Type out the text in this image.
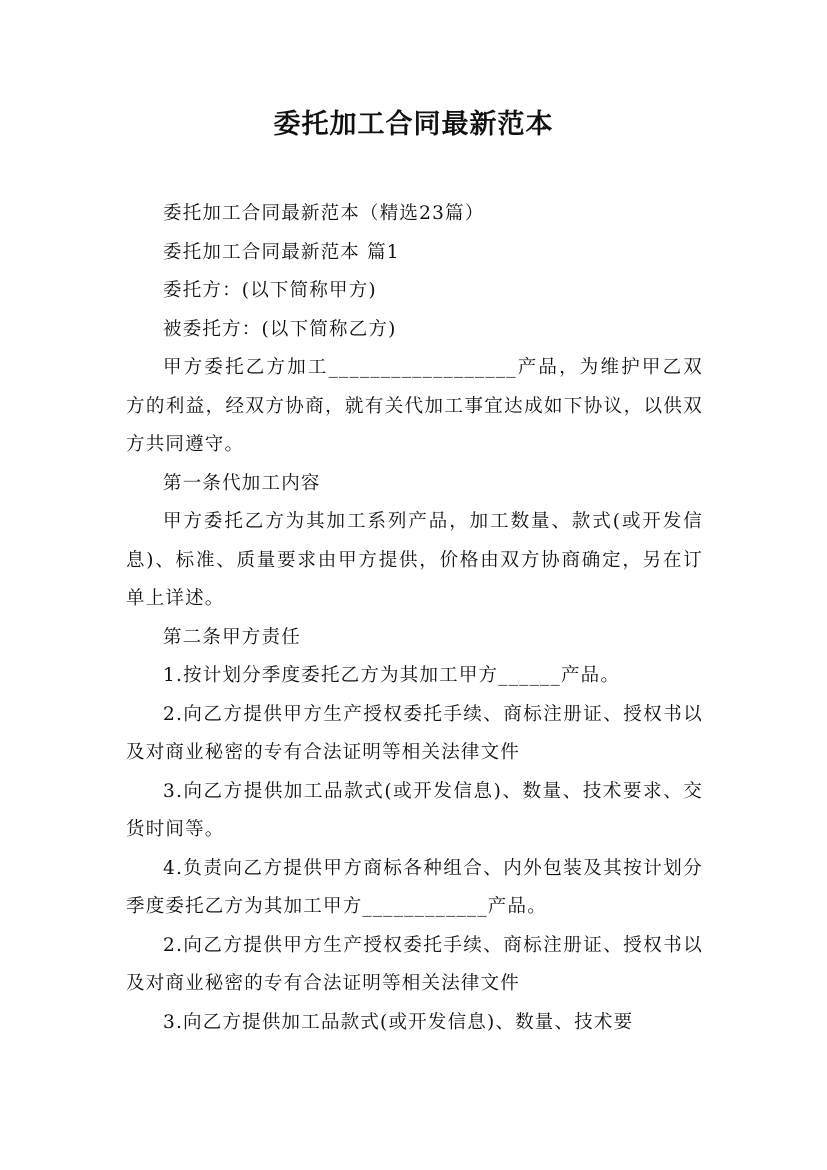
委托加工合同最新范本

委托加工合同最新范本（精选23篇）

委托加工合同最新范本 篇1

委托方：(以下简称甲方)

被委托方：(以下简称乙方)

甲方委托乙方加工__________________产品，为维护甲乙双方的利益，经双方协商，就有关代加工事宜达成如下协议，以供双方共同遵守。

第一条代加工内容

甲方委托乙方为其加工系列产品，加工数量、款式(或开发信息)、标准、质量要求由甲方提供，价格由双方协商确定，另在订单上详述。

第二条甲方责任

1.按计划分季度委托乙方为其加工甲方______产品。

2.向乙方提供甲方生产授权委托手续、商标注册证、授权书以及对商业秘密的专有合法证明等相关法律文件

3.向乙方提供加工品款式(或开发信息)、数量、技术要求、交货时间等。

4.负责向乙方提供甲方商标各种组合、内外包装及其按计划分季度委托乙方为其加工甲方____________产品。

2.向乙方提供甲方生产授权委托手续、商标注册证、授权书以及对商业秘密的专有合法证明等相关法律文件

3.向乙方提供加工品款式(或开发信息)、数量、技术要
